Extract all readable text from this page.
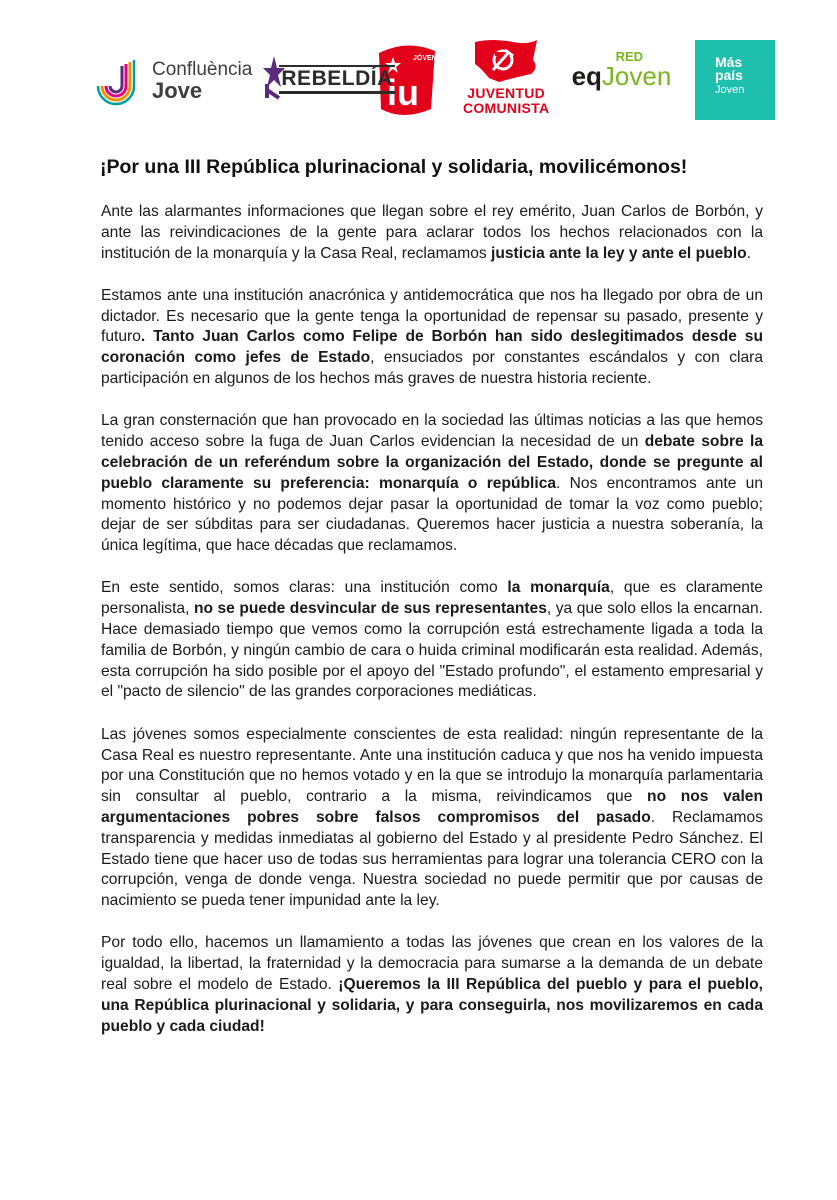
Confluència
Jove	REBELDÍA
JÓVENES
iu	JUVENTUD
COMUNISTA
RED
eqJoven	Más
país
Joven
¡Por una III República plurinacional y solidaria, movilicémonos!

Ante las alarmantes informaciones que llegan sobre el rey emérito, Juan Carlos de Borbón, y ante las reivindicaciones de la gente para aclarar todos los hechos relacionados con la institución de la monarquía y la Casa Real, reclamamos justicia ante la ley y ante el pueblo.

Estamos ante una institución anacrónica y antidemocrática que nos ha llegado por obra de un dictador. Es necesario que la gente tenga la oportunidad de repensar su pasado, presente y futuro. Tanto Juan Carlos como Felipe de Borbón han sido deslegitimados desde su coronación como jefes de Estado, ensuciados por constantes escándalos y con clara participación en algunos de los hechos más graves de nuestra historia reciente.

La gran consternación que han provocado en la sociedad las últimas noticias a las que hemos tenido acceso sobre la fuga de Juan Carlos evidencian la necesidad de un debate sobre la celebración de un referéndum sobre la organización del Estado, donde se pregunte al pueblo claramente su preferencia: monarquía o república. Nos encontramos ante un momento histórico y no podemos dejar pasar la oportunidad de tomar la voz como pueblo; dejar de ser súbditas para ser ciudadanas. Queremos hacer justicia a nuestra soberanía, la única legítima, que hace décadas que reclamamos.

En este sentido, somos claras: una institución como la monarquía, que es claramente personalista, no se puede desvincular de sus representantes, ya que solo ellos la encarnan. Hace demasiado tiempo que vemos como la corrupción está estrechamente ligada a toda la familia de Borbón, y ningún cambio de cara o huida criminal modificarán esta realidad. Además, esta corrupción ha sido posible por el apoyo del "Estado profundo", el estamento empresarial y el "pacto de silencio" de las grandes corporaciones mediáticas.

Las jóvenes somos especialmente conscientes de esta realidad: ningún representante de la Casa Real es nuestro representante. Ante una institución caduca y que nos ha venido impuesta por una Constitución que no hemos votado y en la que se introdujo la monarquía parlamentaria sin consultar al pueblo, contrario a la misma, reivindicamos que no nos valen argumentaciones pobres sobre falsos compromisos del pasado. Reclamamos transparencia y medidas inmediatas al gobierno del Estado y al presidente Pedro Sánchez. El Estado tiene que hacer uso de todas sus herramientas para lograr una tolerancia CERO con la corrupción, venga de donde venga. Nuestra sociedad no puede permitir que por causas de nacimiento se pueda tener impunidad ante la ley.

Por todo ello, hacemos un llamamiento a todas las jóvenes que crean en los valores de la igualdad, la libertad, la fraternidad y la democracia para sumarse a la demanda de un debate real sobre el modelo de Estado. ¡Queremos la III República del pueblo y para el pueblo, una República plurinacional y solidaria, y para conseguirla, nos movilizaremos en cada pueblo y cada ciudad!
